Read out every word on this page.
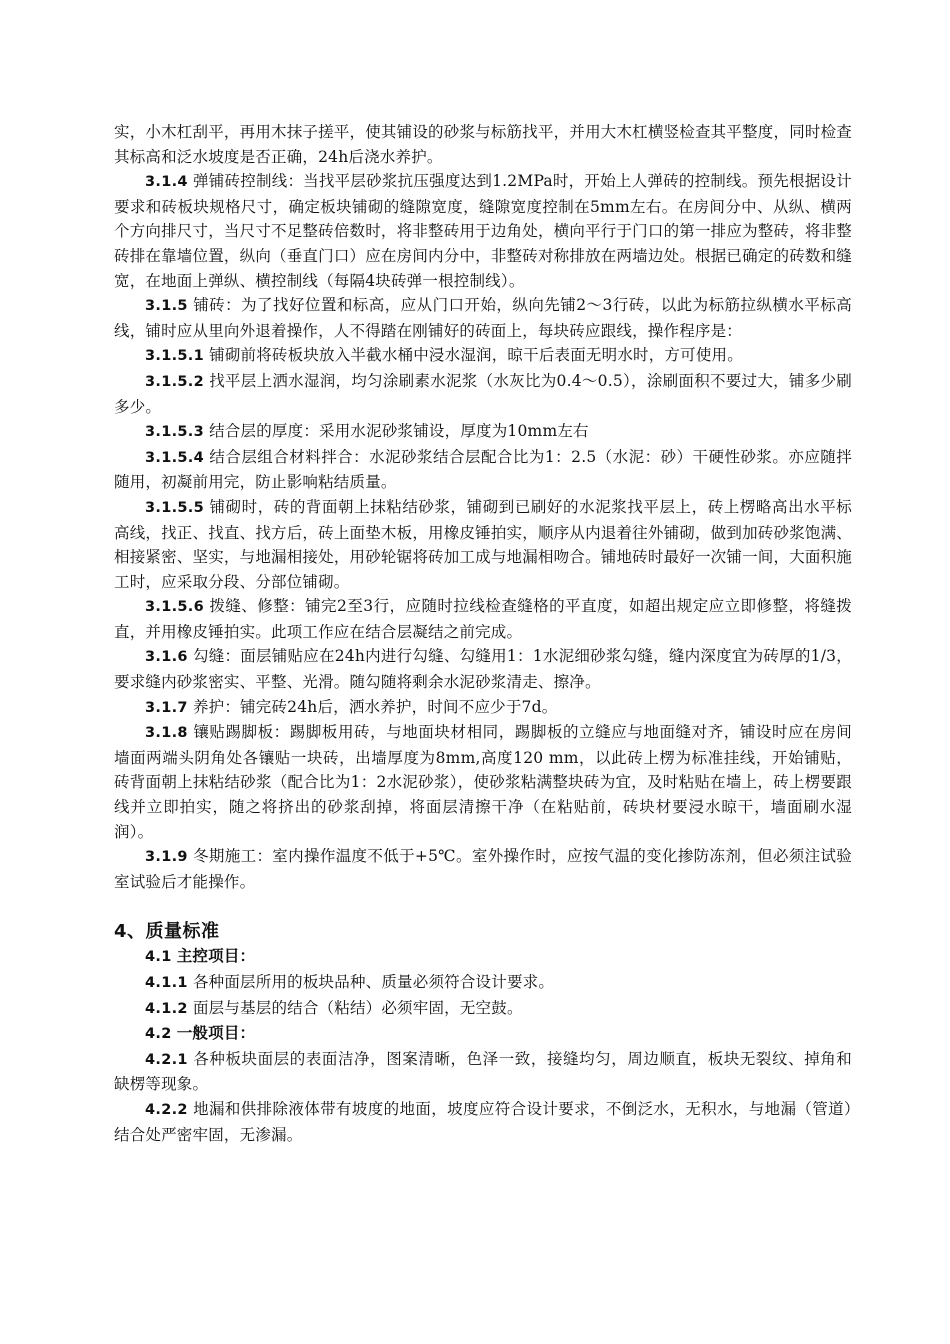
实，小木杠刮平，再用木抹子搓平，使其铺设的砂浆与标筋找平，并用大木杠横竖检查其平整度，同时检查其标高和泛水坡度是否正确，24h后浇水养护。

3.1.4 弹铺砖控制线：当找平层砂浆抗压强度达到1.2MPa时，开始上人弹砖的控制线。预先根据设计要求和砖板块规格尺寸，确定板块铺砌的缝隙宽度，缝隙宽度控制在5mm左右。在房间分中、从纵、横两个方向排尺寸，当尺寸不足整砖倍数时，将非整砖用于边角处，横向平行于门口的第一排应为整砖，将非整砖排在靠墙位置，纵向（垂直门口）应在房间内分中，非整砖对称排放在两墙边处。根据已确定的砖数和缝宽，在地面上弹纵、横控制线（每隔4块砖弹一根控制线）。

3.1.5 铺砖：为了找好位置和标高，应从门口开始，纵向先铺2～3行砖，以此为标筋拉纵横水平标高线，铺时应从里向外退着操作，人不得踏在刚铺好的砖面上，每块砖应跟线，操作程序是：

3.1.5.1 铺砌前将砖板块放入半截水桶中浸水湿润，晾干后表面无明水时，方可使用。

3.1.5.2 找平层上洒水湿润，均匀涂刷素水泥浆（水灰比为0.4～0.5），涂刷面积不要过大，铺多少刷多少。

3.1.5.3 结合层的厚度：采用水泥砂浆铺设，厚度为10mm左右

3.1.5.4 结合层组合材料拌合：水泥砂浆结合层配合比为1：2.5（水泥：砂）干硬性砂浆。亦应随拌随用，初凝前用完，防止影响粘结质量。

3.1.5.5 铺砌时，砖的背面朝上抹粘结砂浆，铺砌到已刷好的水泥浆找平层上，砖上楞略高出水平标高线，找正、找直、找方后，砖上面垫木板，用橡皮锤拍实，顺序从内退着往外铺砌，做到加砖砂浆饱满、相接紧密、坚实，与地漏相接处，用砂轮锯将砖加工成与地漏相吻合。铺地砖时最好一次铺一间，大面积施工时，应采取分段、分部位铺砌。

3.1.5.6 拨缝、修整：铺完2至3行，应随时拉线检查缝格的平直度，如超出规定应立即修整，将缝拨直，并用橡皮锤拍实。此项工作应在结合层凝结之前完成。

3.1.6 勾缝：面层铺贴应在24h内进行勾缝、勾缝用1：1水泥细砂浆勾缝，缝内深度宜为砖厚的1/3，要求缝内砂浆密实、平整、光滑。随勾随将剩余水泥砂浆清走、擦净。

3.1.7 养护：铺完砖24h后，洒水养护，时间不应少于7d。

3.1.8 镶贴踢脚板：踢脚板用砖，与地面块材相同，踢脚板的立缝应与地面缝对齐，铺设时应在房间墙面两端头阴角处各镶贴一块砖，出墙厚度为8mm,高度120 mm，以此砖上楞为标准挂线，开始铺贴，砖背面朝上抹粘结砂浆（配合比为1：2水泥砂浆），使砂浆粘满整块砖为宜，及时粘贴在墙上，砖上楞要跟线并立即拍实，随之将挤出的砂浆刮掉，将面层清擦干净（在粘贴前，砖块材要浸水晾干，墙面刷水湿润）。

3.1.9 冬期施工：室内操作温度不低于+5℃。室外操作时，应按气温的变化掺防冻剂，但必须注试验室试验后才能操作。

4、质量标准

4.1 主控项目：

4.1.1 各种面层所用的板块品种、质量必须符合设计要求。

4.1.2 面层与基层的结合（粘结）必须牢固，无空鼓。

4.2 一般项目：

4.2.1 各种板块面层的表面洁净，图案清晰，色泽一致，接缝均匀，周边顺直，板块无裂纹、掉角和缺楞等现象。

4.2.2 地漏和供排除液体带有坡度的地面，坡度应符合设计要求，不倒泛水，无积水，与地漏（管道）结合处严密牢固，无渗漏。
